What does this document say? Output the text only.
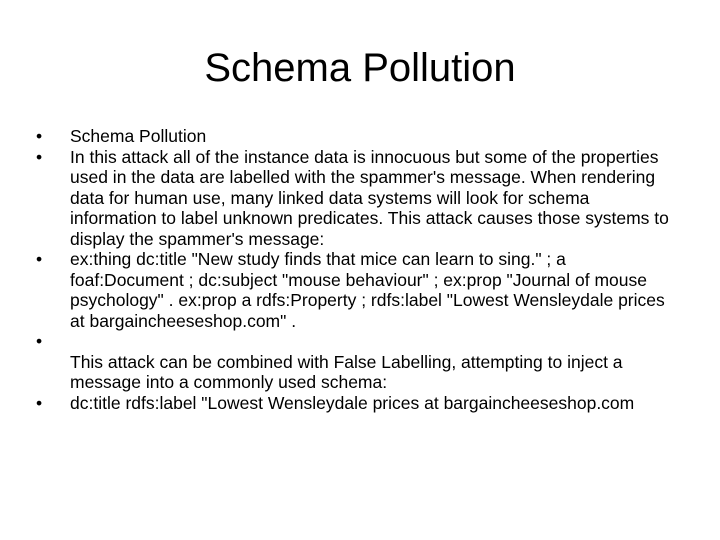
Schema Pollution
•	Schema Pollution
•	In this attack all of the instance data is innocuous but some of the properties used in the data are labelled with the spammer's message. When rendering data for human use, many linked data systems will look for schema information to label unknown predicates. This attack causes those systems to display the spammer's message:
•	ex:thing dc:title "New study finds that mice can learn to sing." ; a foaf:Document ; dc:subject "mouse behaviour" ; ex:prop "Journal of mouse psychology" . ex:prop a rdfs:Property ; rdfs:label "Lowest Wensleydale prices at bargaincheeseshop.com" .
•
This attack can be combined with False Labelling, attempting to inject a message into a commonly used schema:
•	dc:title rdfs:label "Lowest Wensleydale prices at bargaincheeseshop.com
